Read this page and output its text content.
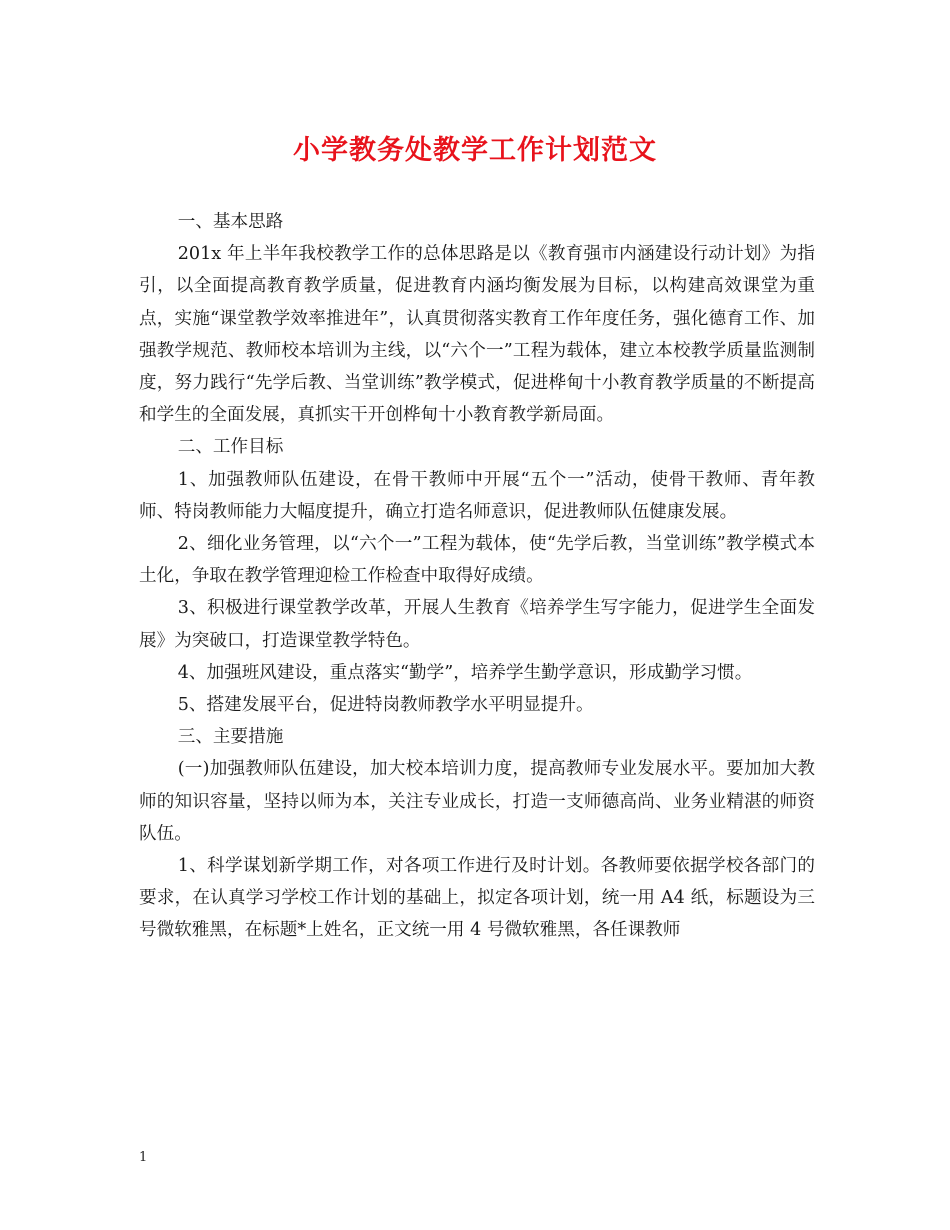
小学教务处教学工作计划范文

一、基本思路

201x 年上半年我校教学工作的总体思路是以《教育强市内涵建设行动计划》为指引，以全面提高教育教学质量，促进教育内涵均衡发展为目标，以构建高效课堂为重点，实施“课堂教学效率推进年”，认真贯彻落实教育工作年度任务，强化德育工作、加强教学规范、教师校本培训为主线，以“六个一”工程为载体，建立本校教学质量监测制度，努力践行“先学后教、当堂训练”教学模式，促进桦甸十小教育教学质量的不断提高和学生的全面发展，真抓实干开创桦甸十小教育教学新局面。

二、工作目标

1、加强教师队伍建设，在骨干教师中开展“五个一”活动，使骨干教师、青年教师、特岗教师能力大幅度提升，确立打造名师意识，促进教师队伍健康发展。

2、细化业务管理，以“六个一”工程为载体，使“先学后教，当堂训练”教学模式本土化，争取在教学管理迎检工作检查中取得好成绩。

3、积极进行课堂教学改革，开展人生教育《培养学生写字能力，促进学生全面发展》为突破口，打造课堂教学特色。

4、加强班风建设，重点落实“勤学”，培养学生勤学意识，形成勤学习惯。

5、搭建发展平台，促进特岗教师教学水平明显提升。

三、主要措施

(一)加强教师队伍建设，加大校本培训力度，提高教师专业发展水平。要加加大教师的知识容量，坚持以师为本，关注专业成长，打造一支师德高尚、业务业精湛的师资队伍。

1、科学谋划新学期工作，对各项工作进行及时计划。各教师要依据学校各部门的要求，在认真学习学校工作计划的基础上，拟定各项计划，统一用 A4 纸，标题设为三号微软雅黑，在标题*上姓名，正文统一用 4 号微软雅黑，各任课教师

1
